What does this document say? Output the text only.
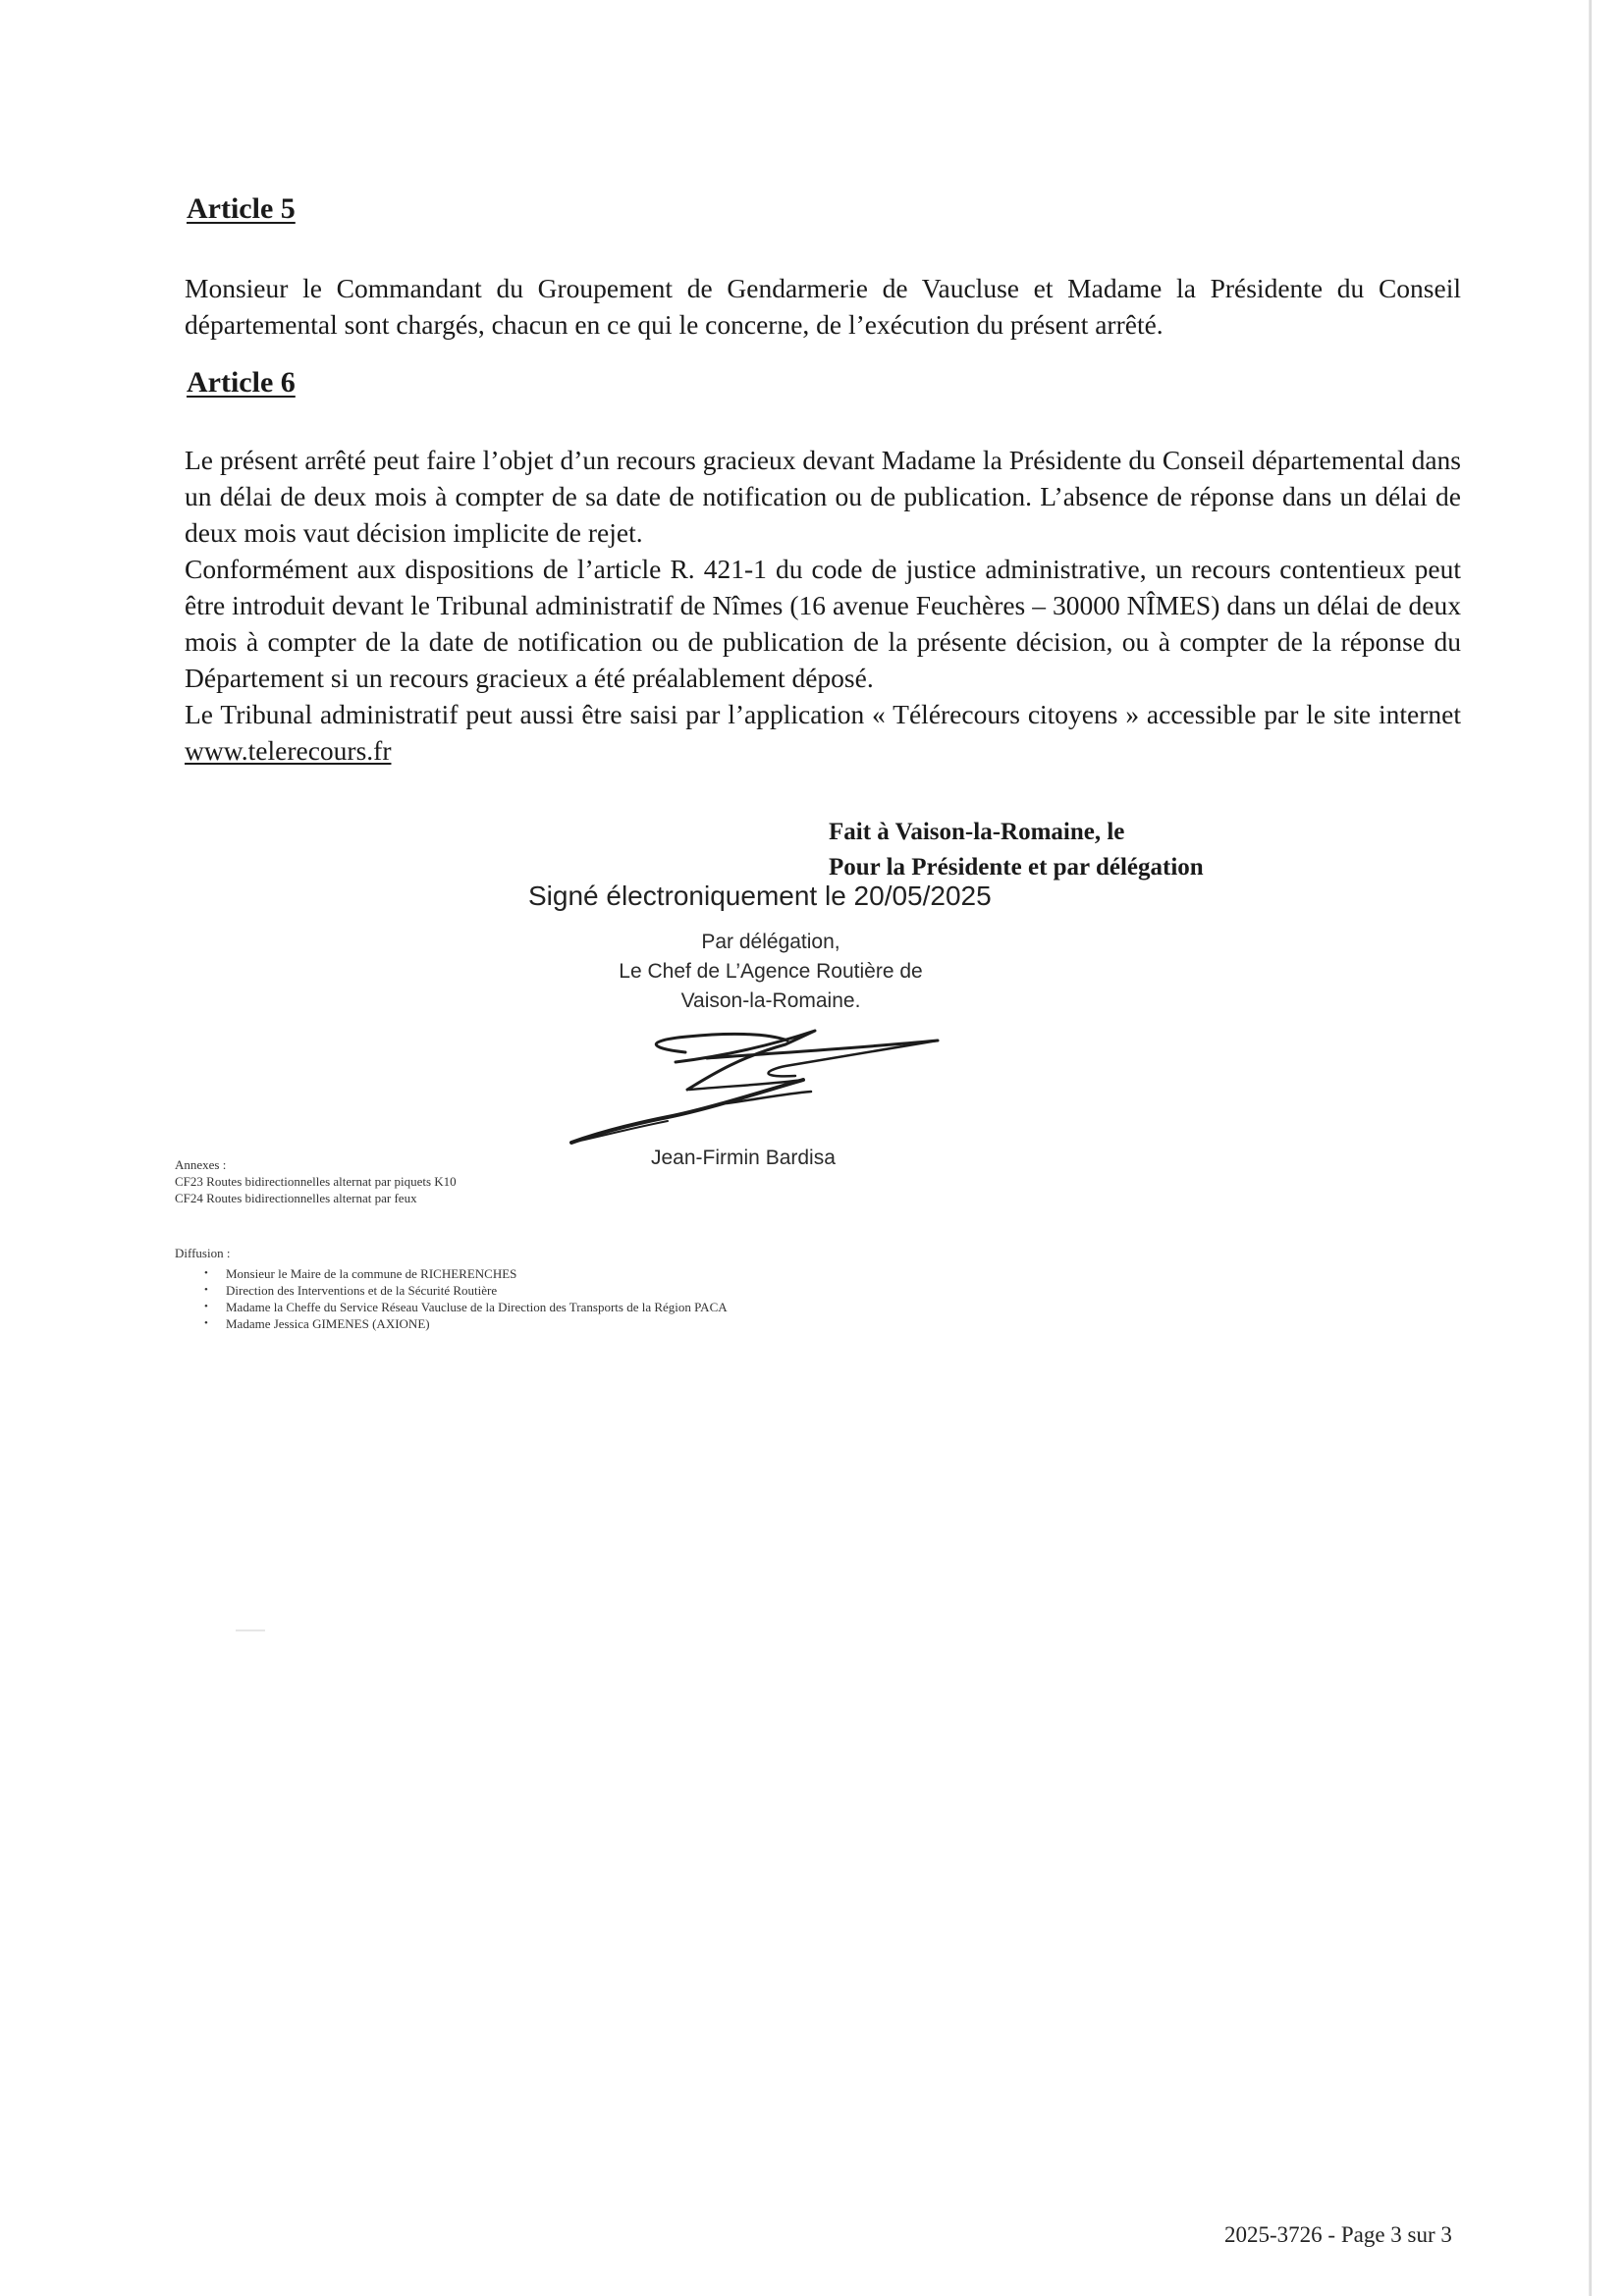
Article 5

Monsieur le Commandant du Groupement de Gendarmerie de Vaucluse et Madame la Présidente du Conseil départemental sont chargés, chacun en ce qui le concerne, de l’exécution du présent arrêté.

Article 6

Le présent arrêté peut faire l’objet d’un recours gracieux devant Madame la Présidente du Conseil départemental dans un délai de deux mois à compter de sa date de notification ou de publication. L’absence de réponse dans un délai de deux mois vaut décision implicite de rejet.

Conformément aux dispositions de l’article R. 421-1 du code de justice administrative, un recours contentieux peut être introduit devant le Tribunal administratif de Nîmes (16 avenue Feuchères – 30000 NÎMES) dans un délai de deux mois à compter de la date de notification ou de publication de la présente décision, ou à compter de la réponse du Département si un recours gracieux a été préalablement déposé.

Le Tribunal administratif peut aussi être saisi par l’application « Télérecours citoyens » accessible par le site internet www.telerecours.fr

Fait à Vaison-la-Romaine, le
Pour la Présidente et par délégation
Signé électroniquement le 20/05/2025
Par délégation,
Le Chef de L’Agence Routière de
Vaison-la-Romaine.
Jean-Firmin Bardisa
Annexes :
CF23 Routes bidirectionnelles alternat par piquets K10
CF24 Routes bidirectionnelles alternat par feux
Diffusion :
• Monsieur le Maire de la commune de RICHERENCHES
• Direction des Interventions et de la Sécurité Routière
• Madame la Cheffe du Service Réseau Vaucluse de la Direction des Transports de la Région PACA
• Madame Jessica GIMENES (AXIONE)
2025-3726 - Page 3 sur 3
